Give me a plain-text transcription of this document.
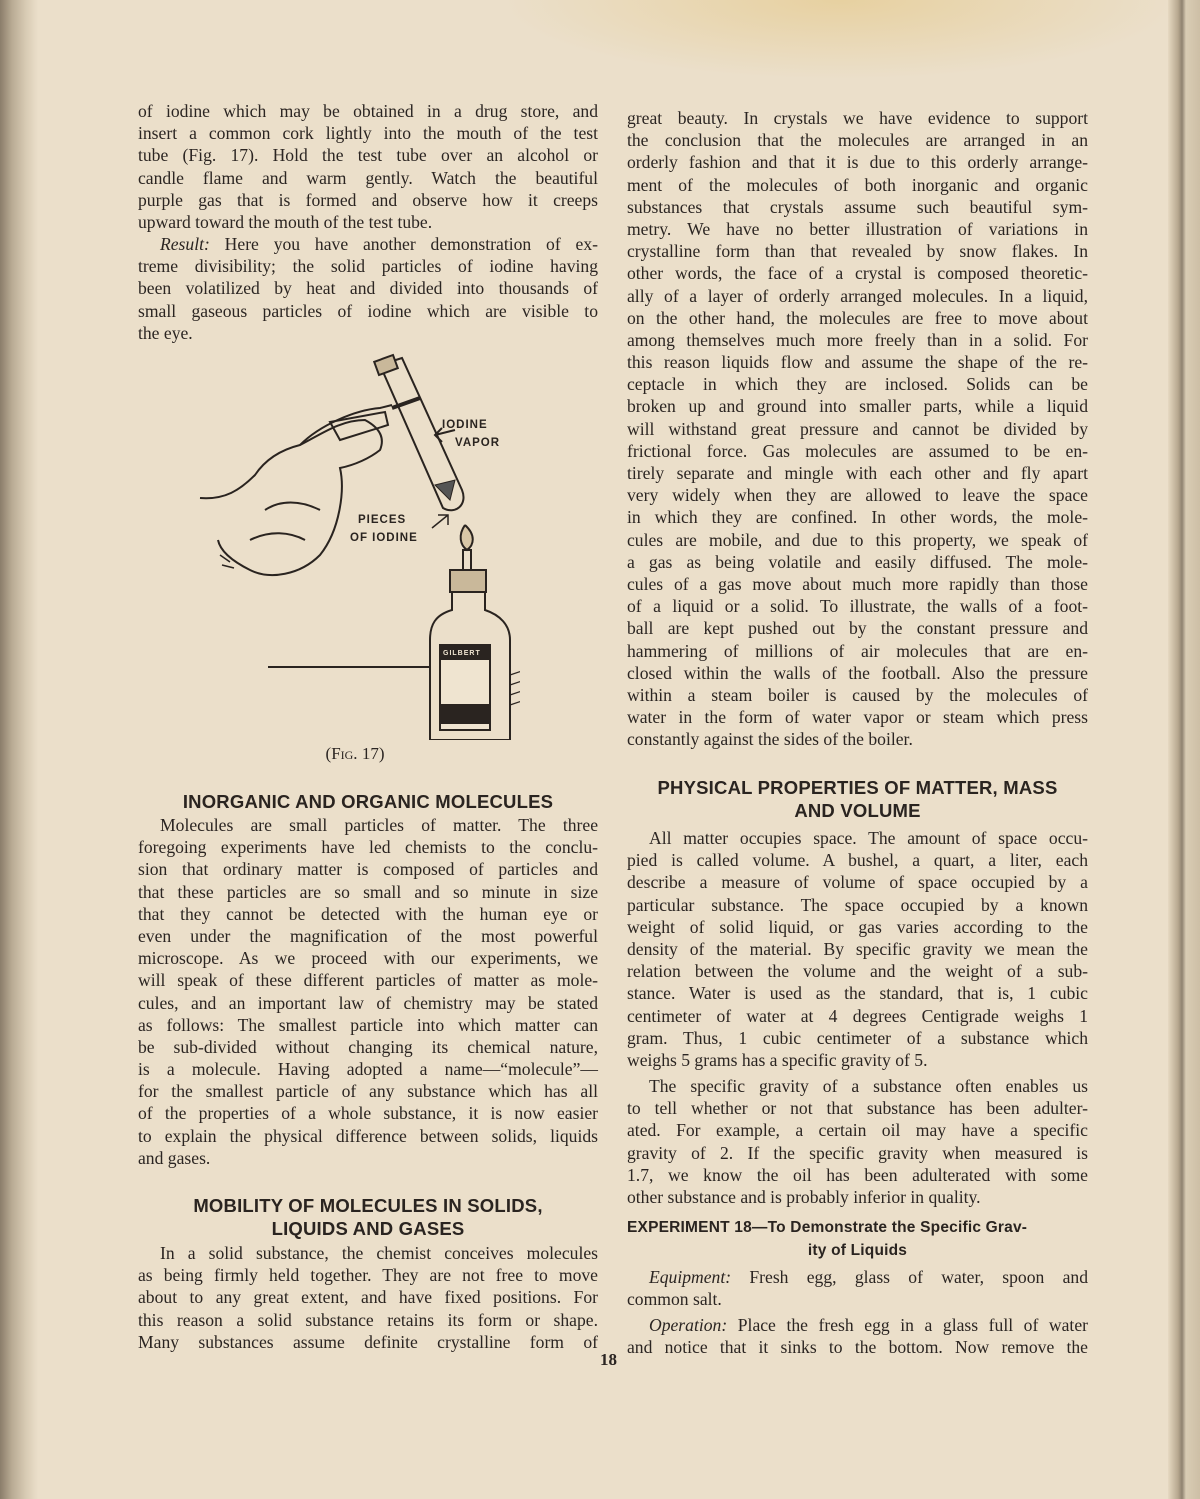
of iodine which may be obtained in a drug store, and
insert a common cork lightly into the mouth of the test
tube (Fig. 17). Hold the test tube over an alcohol or
candle flame and warm gently. Watch the beautiful
purple gas that is formed and observe how it creeps
upward toward the mouth of the test tube.
Result: Here you have another demonstration of ex-
treme divisibility; the solid particles of iodine having
been volatilized by heat and divided into thousands of
small gaseous particles of iodine which are visible to
the eye.
GILBERT
IODINE
VAPOR
PIECES
OF IODINE
(Fig. 17)
INORGANIC AND ORGANIC MOLECULES
Molecules are small particles of matter. The three
foregoing experiments have led chemists to the conclu-
sion that ordinary matter is composed of particles and
that these particles are so small and so minute in size
that they cannot be detected with the human eye or
even under the magnification of the most powerful
microscope. As we proceed with our experiments, we
will speak of these different particles of matter as mole-
cules, and an important law of chemistry may be stated
as follows: The smallest particle into which matter can
be sub-divided without changing its chemical nature,
is a molecule. Having adopted a name—“molecule”—
for the smallest particle of any substance which has all
of the properties of a whole substance, it is now easier
to explain the physical difference between solids, liquids
and gases.
MOBILITY OF MOLECULES IN SOLIDS,
LIQUIDS AND GASES
In a solid substance, the chemist conceives molecules
as being firmly held together. They are not free to move
about to any great extent, and have fixed positions. For
this reason a solid substance retains its form or shape.
Many substances assume definite crystalline form of
great beauty. In crystals we have evidence to support
the conclusion that the molecules are arranged in an
orderly fashion and that it is due to this orderly arrange-
ment of the molecules of both inorganic and organic
substances that crystals assume such beautiful sym-
metry. We have no better illustration of variations in
crystalline form than that revealed by snow flakes. In
other words, the face of a crystal is composed theoretic-
ally of a layer of orderly arranged molecules. In a liquid,
on the other hand, the molecules are free to move about
among themselves much more freely than in a solid. For
this reason liquids flow and assume the shape of the re-
ceptacle in which they are inclosed. Solids can be
broken up and ground into smaller parts, while a liquid
will withstand great pressure and cannot be divided by
frictional force. Gas molecules are assumed to be en-
tirely separate and mingle with each other and fly apart
very widely when they are allowed to leave the space
in which they are confined. In other words, the mole-
cules are mobile, and due to this property, we speak of
a gas as being volatile and easily diffused. The mole-
cules of a gas move about much more rapidly than those
of a liquid or a solid. To illustrate, the walls of a foot-
ball are kept pushed out by the constant pressure and
hammering of millions of air molecules that are en-
closed within the walls of the football. Also the pressure
within a steam boiler is caused by the molecules of
water in the form of water vapor or steam which press
constantly against the sides of the boiler.
PHYSICAL PROPERTIES OF MATTER, MASS
AND VOLUME
All matter occupies space. The amount of space occu-
pied is called volume. A bushel, a quart, a liter, each
describe a measure of volume of space occupied by a
particular substance. The space occupied by a known
weight of solid liquid, or gas varies according to the
density of the material. By specific gravity we mean the
relation between the volume and the weight of a sub-
stance. Water is used as the standard, that is, 1 cubic
centimeter of water at 4 degrees Centigrade weighs 1
gram. Thus, 1 cubic centimeter of a substance which
weighs 5 grams has a specific gravity of 5.
The specific gravity of a substance often enables us
to tell whether or not that substance has been adulter-
ated. For example, a certain oil may have a specific
gravity of 2. If the specific gravity when measured is
1.7, we know the oil has been adulterated with some
other substance and is probably inferior in quality.
EXPERIMENT 18—To Demonstrate the Specific Grav-
ity of Liquids
Equipment: Fresh egg, glass of water, spoon and
common salt.
Operation: Place the fresh egg in a glass full of water
and notice that it sinks to the bottom. Now remove the
18
